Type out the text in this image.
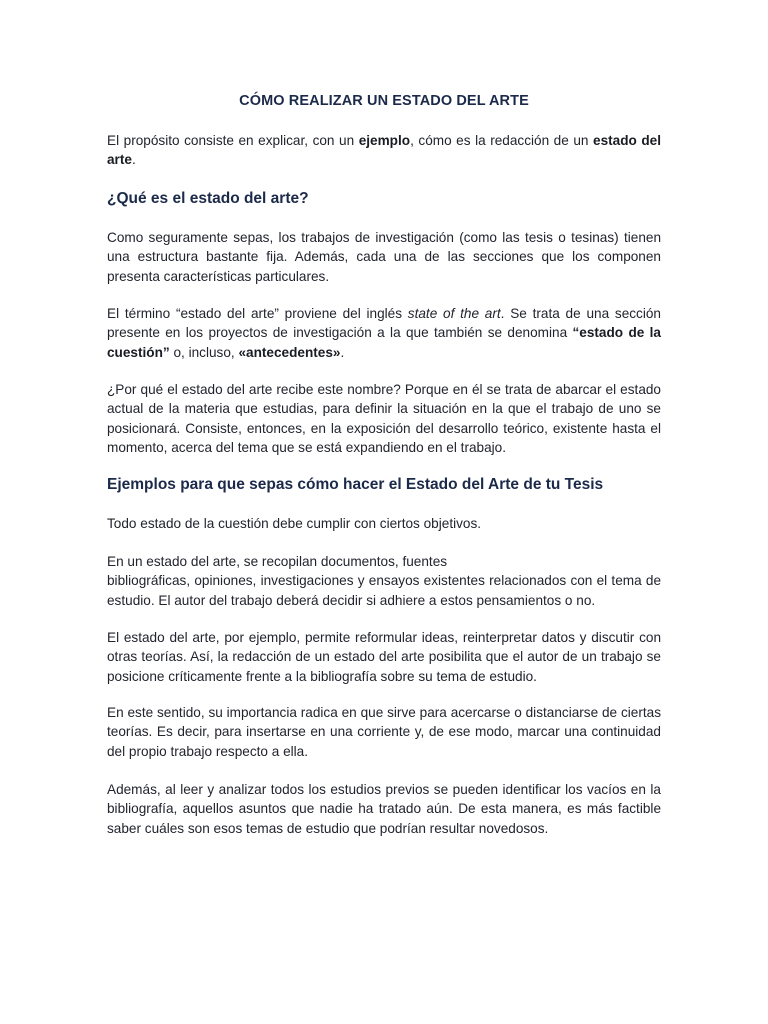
CÓMO REALIZAR UN ESTADO DEL ARTE

El propósito consiste en explicar, con un ejemplo, cómo es la redacción de un estado del arte.

¿Qué es el estado del arte?

Como seguramente sepas, los trabajos de investigación (como las tesis o tesinas) tienen una estructura bastante fija. Además, cada una de las secciones que los componen presenta características particulares.

El término “estado del arte” proviene del inglés state of the art. Se trata de una sección presente en los proyectos de investigación a la que también se denomina “estado de la cuestión” o, incluso, «antecedentes».

¿Por qué el estado del arte recibe este nombre? Porque en él se trata de abarcar el estado actual de la materia que estudias, para definir la situación en la que el trabajo de uno se posicionará. Consiste, entonces, en la exposición del desarrollo teórico, existente hasta el momento, acerca del tema que se está expandiendo en el trabajo.

Ejemplos para que sepas cómo hacer el Estado del Arte de tu Tesis

Todo estado de la cuestión debe cumplir con ciertos objetivos.

En un estado del arte, se recopilan documentos, fuentes
bibliográficas, opiniones, investigaciones y ensayos existentes relacionados con el tema de estudio. El autor del trabajo deberá decidir si adhiere a estos pensamientos o no.

El estado del arte, por ejemplo, permite reformular ideas, reinterpretar datos y discutir con otras teorías. Así, la redacción de un estado del arte posibilita que el autor de un trabajo se posicione críticamente frente a la bibliografía sobre su tema de estudio.

En este sentido, su importancia radica en que sirve para acercarse o distanciarse de ciertas teorías. Es decir, para insertarse en una corriente y, de ese modo, marcar una continuidad del propio trabajo respecto a ella.

Además, al leer y analizar todos los estudios previos se pueden identificar los vacíos en la bibliografía, aquellos asuntos que nadie ha tratado aún. De esta manera, es más factible saber cuáles son esos temas de estudio que podrían resultar novedosos.
